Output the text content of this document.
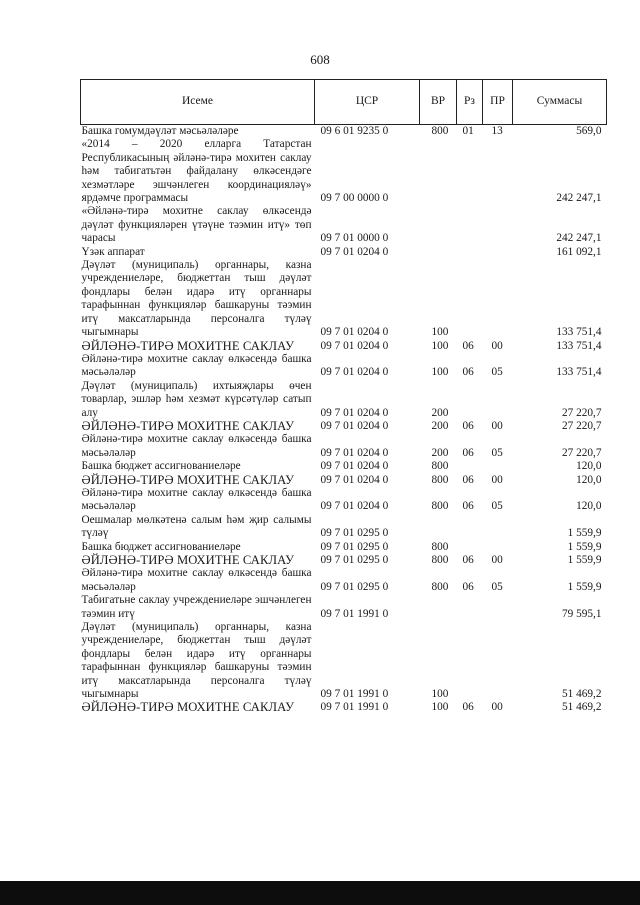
608
Исеме	ЦСР	ВР	Рз	ПР	Суммасы
Башка гомумдәүләт мәсьәләләре	09 6 01 9235 0	800	01	13	569,0
«2014 – 2020 елларга Татарстан Республикасының әйләнә-тирә мохитен саклау һәм табигатьтән файдалану өлкәсендәге хезмәтләре эшчәнлеген координацияләү» ярдәмче программасы	09 7 00 0000 0				242 247,1
«Әйләнә-тирә мохитне саклау өлкәсендә дәүләт функцияләрен үтәүне тәэмин итү» төп чарасы	09 7 01 0000 0				242 247,1
Үзәк аппарат	09 7 01 0204 0				161 092,1
Дәүләт (муниципаль) органнары, казна учреждениеләре, бюджеттан тыш дәүләт фондлары белән идарә итү органнары тарафыннан функцияләр башкаруны тәэмин итү максатларында персоналга түләү чыгымнары	09 7 01 0204 0	100			133 751,4
ӘЙЛӘНӘ-ТИРӘ МОХИТНЕ САКЛАУ	09 7 01 0204 0	100	06	00	133 751,4
Әйләнә-тирә мохитне саклау өлкәсендә башка мәсьәләләр	09 7 01 0204 0	100	06	05	133 751,4
Дәүләт (муниципаль) ихтыяҗлары өчен товарлар, эшләр һәм хезмәт күрсәтүләр сатып алу	09 7 01 0204 0	200			27 220,7
ӘЙЛӘНӘ-ТИРӘ МОХИТНЕ САКЛАУ	09 7 01 0204 0	200	06	00	27 220,7
Әйләнә-тирә мохитне саклау өлкәсендә башка мәсьәләләр	09 7 01 0204 0	200	06	05	27 220,7
Башка бюджет ассигнованиеләре	09 7 01 0204 0	800			120,0
ӘЙЛӘНӘ-ТИРӘ МОХИТНЕ САКЛАУ	09 7 01 0204 0	800	06	00	120,0
Әйләнә-тирә мохитне саклау өлкәсендә башка мәсьәләләр	09 7 01 0204 0	800	06	05	120,0
Оешмалар мөлкәтенә салым һәм җир салымы түләү	09 7 01 0295 0				1 559,9
Башка бюджет ассигнованиеләре	09 7 01 0295 0	800			1 559,9
ӘЙЛӘНӘ-ТИРӘ МОХИТНЕ САКЛАУ	09 7 01 0295 0	800	06	00	1 559,9
Әйләнә-тирә мохитне саклау өлкәсендә башка мәсьәләләр	09 7 01 0295 0	800	06	05	1 559,9
Табигатьне саклау учреждениеләре эшчәнлеген тәэмин итү	09 7 01 1991 0				79 595,1
Дәүләт (муниципаль) органнары, казна учреждениеләре, бюджеттан тыш дәүләт фондлары белән идарә итү органнары тарафыннан функцияләр башкаруны тәэмин итү максатларында персоналга түләү чыгымнары	09 7 01 1991 0	100			51 469,2
ӘЙЛӘНӘ-ТИРӘ МОХИТНЕ САКЛАУ	09 7 01 1991 0	100	06	00	51 469,2
